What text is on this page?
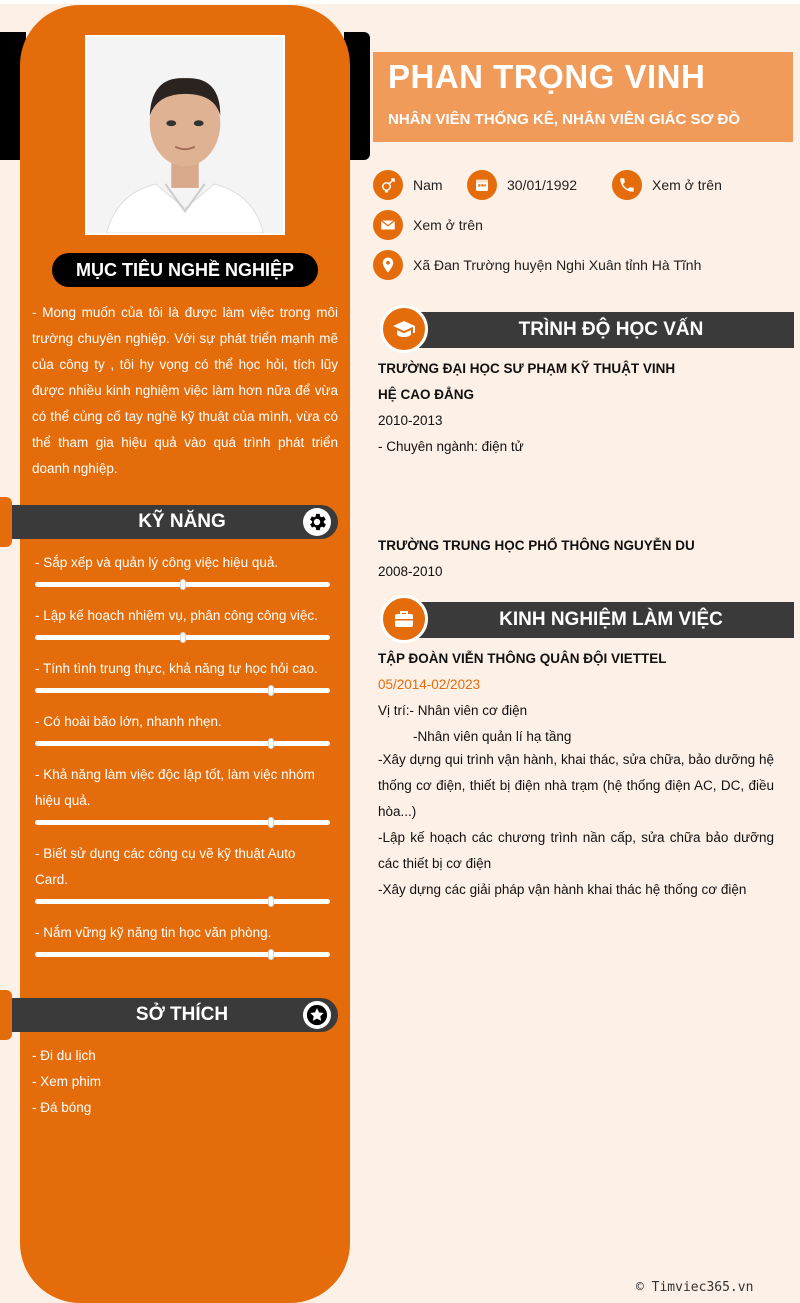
MỤC TIÊU NGHỀ NGHIỆP
- Mong muốn của tôi là được làm việc trong môi trường chuyên nghiệp. Với sự phát triển mạnh mẽ của công ty , tôi hy vọng có thể học hỏi, tích lũy được nhiều kinh nghiệm việc làm hơn nữa để vừa có thể củng cố tay nghề kỹ thuật của mình, vừa có thể tham gia hiệu quả vào quá trình phát triển doanh nghiệp.
KỸ NĂNG
- Sắp xếp và quản lý công việc hiệu quả.
- Lập kế hoạch nhiệm vụ, phân công công việc.
- Tính tình trung thực, khả năng tự học hỏi cao.
- Có hoài bão lớn, nhanh nhẹn.
- Khả năng làm việc độc lập tốt, làm việc nhóm hiệu quả.
- Biết sử dụng các công cụ vẽ kỹ thuật Auto Card.
- Nắm vững kỹ năng tin học văn phòng.
SỞ THÍCH
- Đi du lịch
- Xem phim
- Đá bóng
PHAN TRỌNG VINH
NHÂN VIÊN THỐNG KÊ, NHÂN VIÊN GIÁC SƠ ĐỒ
Nam	30/01/1992	Xem ở trên
Xem ở trên
Xã Đan Trường huyện Nghi Xuân tỉnh Hà Tĩnh
TRÌNH ĐỘ HỌC VẤN
TRƯỜNG ĐẠI HỌC SƯ PHẠM KỸ THUẬT VINH
HỆ CAO ĐẲNG
2010-2013
- Chuyên ngành: điện tử
TRƯỜNG TRUNG HỌC PHỔ THÔNG NGUYỄN DU
2008-2010
KINH NGHIỆM LÀM VIỆC
TẬP ĐOÀN VIỄN THÔNG QUÂN ĐỘI VIETTEL
05/2014-02/2023
Vị trí:- Nhân viên cơ điện
-Nhân viên quản lí hạ tầng
-Xây dựng qui trình vận hành, khai thác, sửa chữa, bảo dưỡng hệ thống cơ điện, thiết bị điện nhà trạm (hệ thống điện AC, DC, điều hòa...)
-Lập kế hoạch các chương trình nần cấp, sửa chữa bảo dưỡng các thiết bị cơ điện
-Xây dựng các giải pháp vận hành khai thác hệ thống cơ điện
© Timviec365.vn
